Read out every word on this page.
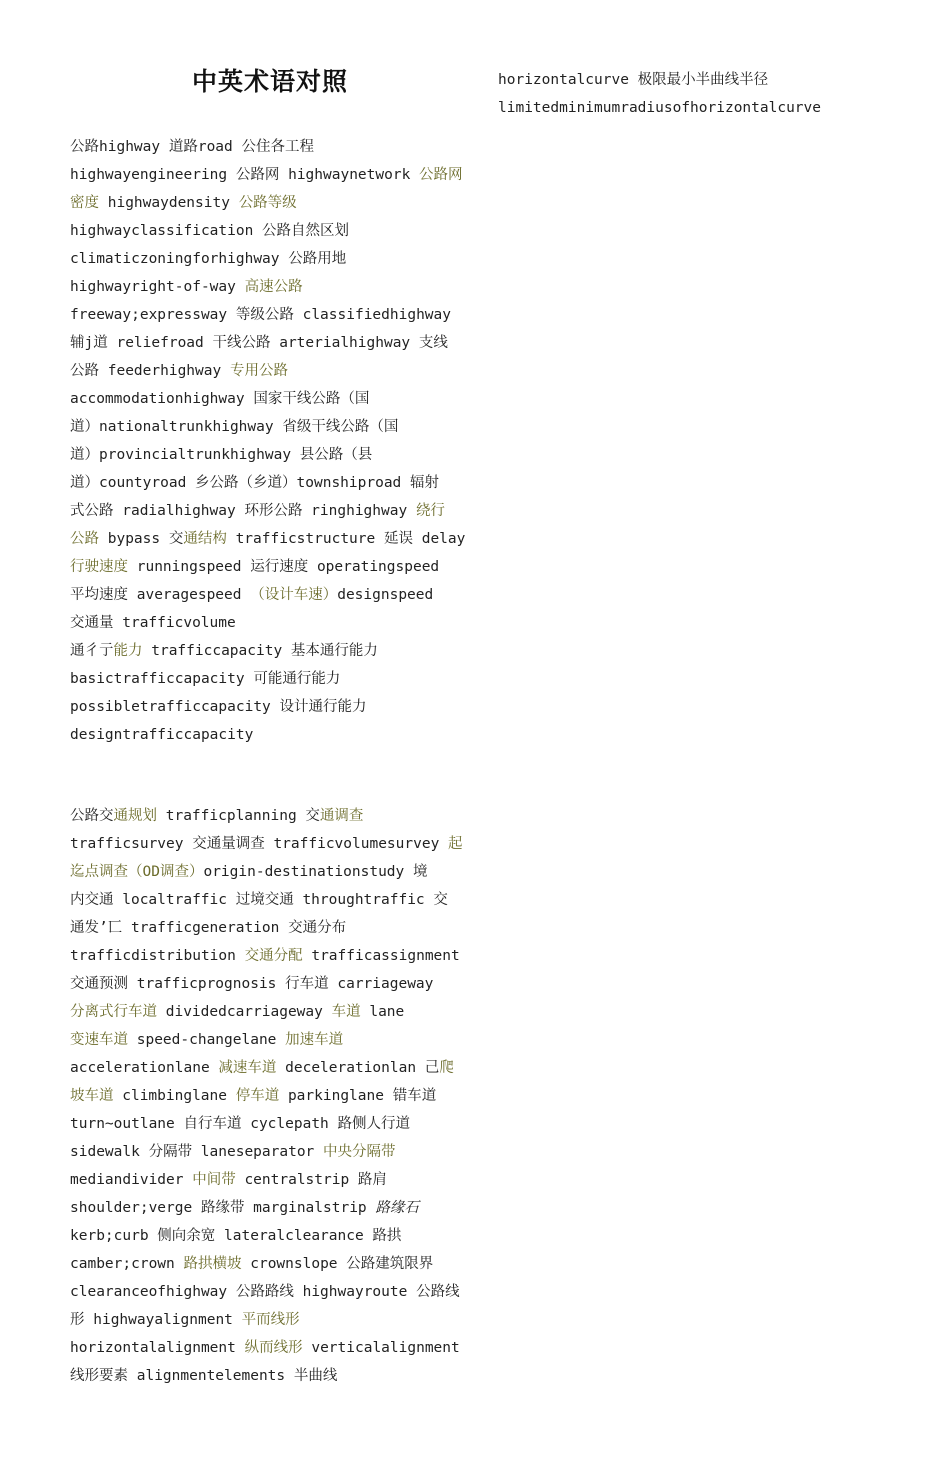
中英术语对照
公路highway 道路road 公住各工程
highwayengineering 公路网 highwaynetwork 公路网
密度 highwaydensity 公路等级
highwayclassification 公路自然区划
climaticzoningforhighway 公路用地
highwayright-of-way 高速公路
freeway;expressway 等级公路 classifiedhighway
辅j道 reliefroad 干线公路 arterialhighway 支线
公路 feederhighway 专用公路
accommodationhighway 国家干线公路（国
道）nationaltrunkhighway 省级干线公路（国
道）provincialtrunkhighway 县公路（县
道）countyroad 乡公路（乡道）townshiproad 辐射
式公路 radialhighway 环形公路 ringhighway 绕行
公路 bypass 交通结构 trafficstructure 延误 delay
行驶速度 runningspeed 运行速度 operatingspeed
平均速度 averagespeed （设计车速）designspeed
交通量 trafficvolume
通彳亍能力 trafficcapacity 基本通行能力
basictrafficcapacity 可能通行能力
possibletrafficcapacity 设计通行能力
designtrafficcapacity
公路交通规划 trafficplanning 交通调查
trafficsurvey 交通量调查 trafficvolumesurvey 起
迄点调查（OD调查）origin-destinationstudy 境
内交通 localtraffic 过境交通 throughtraffic 交
通发’匸 trafficgeneration 交通分布
trafficdistribution 交通分配 trafficassignment
交通预测 trafficprognosis 行车道 carriageway
分离式行车道 dividedcarriageway 车道 lane
变速车道 speed-changelane 加速车道
accelerationlane 减速车道 decelerationlan 己爬
坡车道 climbinglane 停车道 parkinglane 错车道
turn~outlane 自行车道 cyclepath 路侧人行道
sidewalk 分隔带 laneseparator 中央分隔带
mediandivider 中间带 centralstrip 路肩
shoulder;verge 路缘带 marginalstrip 路缘石
kerb;curb 侧向余宽 lateralclearance 路拱
camber;crown 路拱横坡 crownslope 公路建筑限界
clearanceofhighway 公路路线 highwayroute 公路线
形 highwayalignment 平而线形
horizontalalignment 纵而线形 verticalalignment
线形要素 alignmentelements 半曲线
horizontalcurve 极限最小半曲线半径
limitedminimumradiusofhorizontalcurve
